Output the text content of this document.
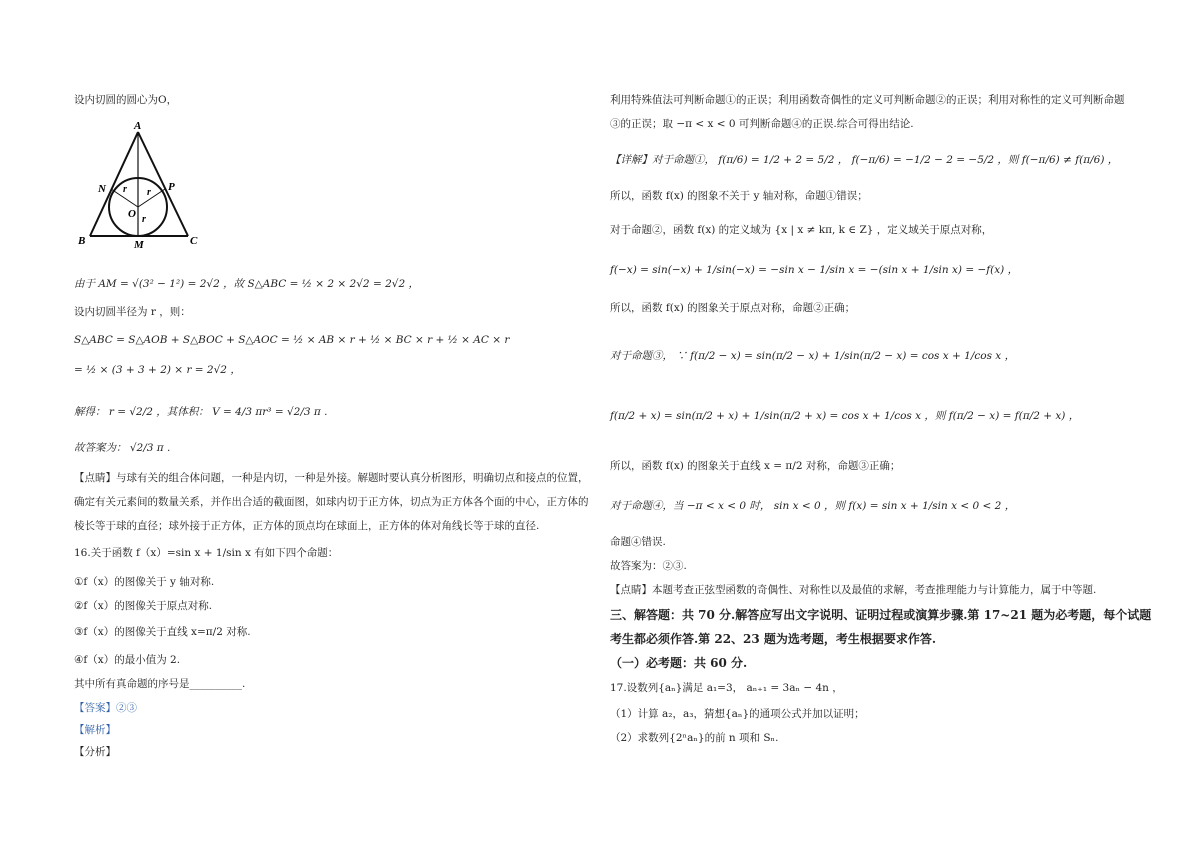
设内切圆的圆心为O，
A
B	C
M
N	P
O
r r
r
由于 AM = √(3² − 1²) = 2√2 ，故 S△ABC = ½ × 2 × 2√2 = 2√2 ，
设内切圆半径为 r ，则：
S△ABC = S△AOB + S△BOC + S△AOC = ½ × AB × r + ½ × BC × r + ½ × AC × r
= ½ × (3 + 3 + 2) × r = 2√2 ，
解得： r = √2/2 ，其体积： V = 4/3 πr³ = √2/3 π .
故答案为： √2/3 π .
【点睛】与球有关的组合体问题，一种是内切，一种是外接。解题时要认真分析图形，明确切点和接点的位置，
确定有关元素间的数量关系，并作出合适的截面图，如球内切于正方体，切点为正方体各个面的中心，正方体的
棱长等于球的直径；球外接于正方体，正方体的顶点均在球面上，正方体的体对角线长等于球的直径.
16.关于函数 f（x）=sin x + 1/sin x 有如下四个命题：
①f（x）的图像关于 y 轴对称.
②f（x）的图像关于原点对称.
③f（x）的图像关于直线 x=π/2 对称.
④f（x）的最小值为 2.
其中所有真命题的序号是__________.
【答案】②③
【解析】
【分析】
利用特殊值法可判断命题①的正误；利用函数奇偶性的定义可判断命题②的正误；利用对称性的定义可判断命题
③的正误；取 −π < x < 0 可判断命题④的正误.综合可得出结论.
【详解】对于命题①， f(π/6) = 1/2 + 2 = 5/2 ， f(−π/6) = −1/2 − 2 = −5/2 ，则 f(−π/6) ≠ f(π/6) ，
所以，函数 f(x) 的图象不关于 y 轴对称，命题①错误；
对于命题②，函数 f(x) 的定义域为 {x | x ≠ kπ, k ∈ Z} ，定义域关于原点对称，
f(−x) = sin(−x) + 1/sin(−x) = −sin x − 1/sin x = −(sin x + 1/sin x) = −f(x) ，
所以，函数 f(x) 的图象关于原点对称，命题②正确；
对于命题③， ∵ f(π/2 − x) = sin(π/2 − x) + 1/sin(π/2 − x) = cos x + 1/cos x ，
f(π/2 + x) = sin(π/2 + x) + 1/sin(π/2 + x) = cos x + 1/cos x ，则 f(π/2 − x) = f(π/2 + x) ，
所以，函数 f(x) 的图象关于直线 x = π/2 对称，命题③正确；
对于命题④，当 −π < x < 0 时， sin x < 0 ，则 f(x) = sin x + 1/sin x < 0 < 2 ，
命题④错误.
故答案为：②③.
【点睛】本题考查正弦型函数的奇偶性、对称性以及最值的求解，考查推理能力与计算能力，属于中等题.
三、解答题：共 70 分.解答应写出文字说明、证明过程或演算步骤.第 17~21 题为必考题，每个试题
考生都必须作答.第 22、23 题为选考题，考生根据要求作答.
（一）必考题：共 60 分.
17.设数列{aₙ}满足 a₁=3， aₙ₊₁ = 3aₙ − 4n ，
（1）计算 a₂，a₃，猜想{aₙ}的通项公式并加以证明；
（2）求数列{2ⁿaₙ}的前 n 项和 Sₙ.
